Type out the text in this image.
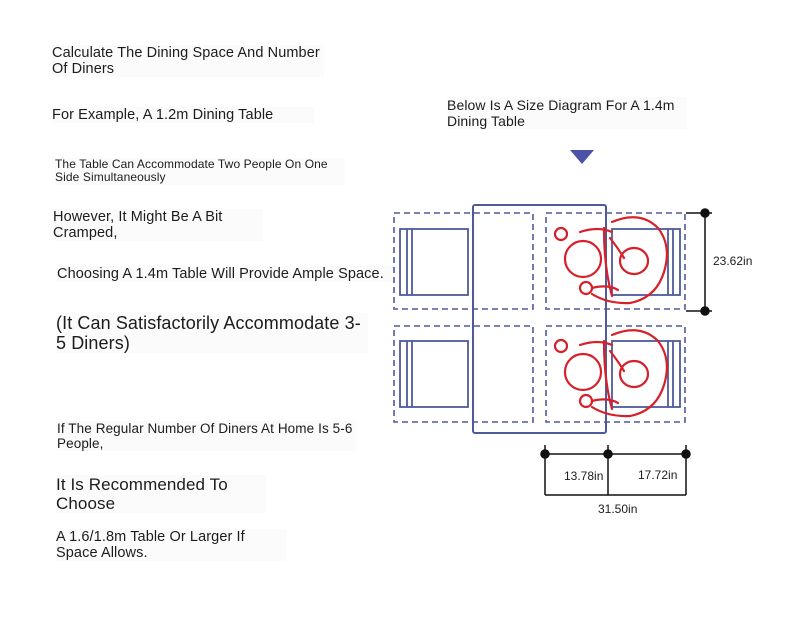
Calculate The Dining Space And Number Of Diners
For Example, A 1.2m Dining Table
The Table Can Accommodate Two People On One Side Simultaneously
However, It Might Be A Bit Cramped,
Choosing A 1.4m Table Will Provide Ample Space.
(It Can Satisfactorily Accommodate 3-5 Diners)
If The Regular Number Of Diners At Home Is 5-6 People,
It Is Recommended To Choose
A 1.6/1.8m Table Or Larger If Space Allows.
Below Is A Size Diagram For A 1.4m Dining Table
23.62in
13.78in	17.72in
31.50in
